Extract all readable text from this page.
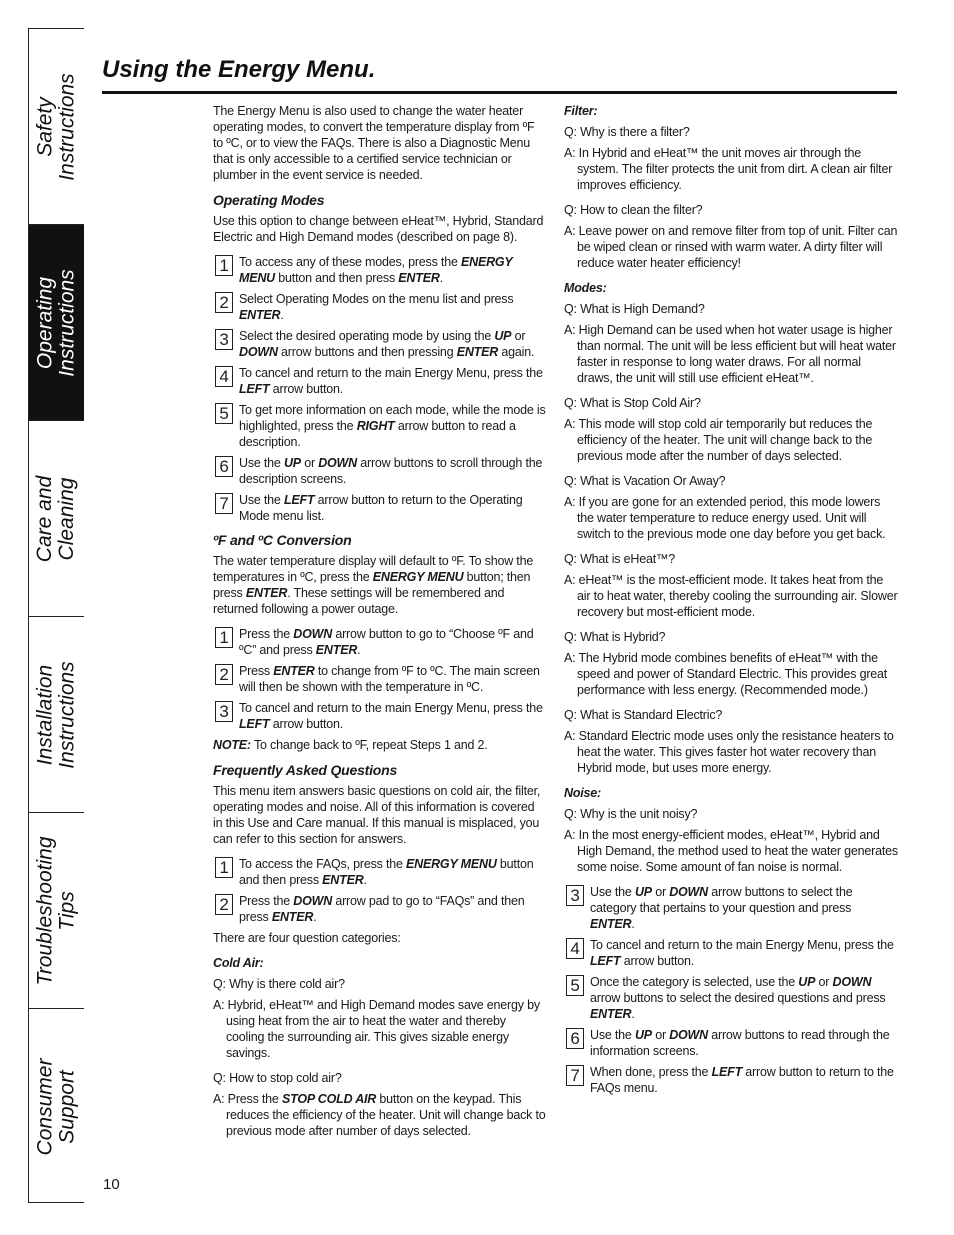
Safety
Instructions
Operating
Instructions
Care and
Cleaning
Installation
Instructions
Troubleshooting
Tips
Consumer
Support
Using the Energy Menu.

The Energy Menu is also used to change the water heater operating modes, to convert the temperature display from ºF to ºC, or to view the FAQs. There is also a Diagnostic Menu that is only accessible to a certified service technician or plumber in the event service is needed.

Operating Modes

Use this option to change between eHeat™, Hybrid, Standard Electric and High Demand modes (described on page 8).

1 To access any of these modes, press the ENERGY MENU button and then press ENTER.
2 Select Operating Modes on the menu list and press ENTER.
3 Select the desired operating mode by using the UP or DOWN arrow buttons and then pressing ENTER again.
4 To cancel and return to the main Energy Menu, press the LEFT arrow button.
5 To get more information on each mode, while the mode is highlighted, press the RIGHT arrow button to read a description.
6 Use the UP or DOWN arrow buttons to scroll through the description screens.
7 Use the LEFT arrow button to return to the Operating Mode menu list.
ºF and ºC Conversion

The water temperature display will default to ºF. To show the temperatures in ºC, press the ENERGY MENU button; then press ENTER. These settings will be remembered and returned following a power outage.

1 Press the DOWN arrow button to go to “Choose ºF and ºC” and press ENTER.
2 Press ENTER to change from ºF to ºC. The main screen will then be shown with the temperature in ºC.
3 To cancel and return to the main Energy Menu, press the LEFT arrow button.

NOTE: To change back to ºF, repeat Steps 1 and 2.

Frequently Asked Questions

This menu item answers basic questions on cold air, the filter, operating modes and noise. All of this information is covered in this Use and Care manual. If this manual is misplaced, you can refer to this section for answers.

1 To access the FAQs, press the ENERGY MENU button and then press ENTER.
2 Press the DOWN arrow pad to go to “FAQs” and then press ENTER.

There are four question categories:

Cold Air:

Q: Why is there cold air?

A: Hybrid, eHeat™ and High Demand modes save energy by using heat from the air to heat the water and thereby cooling the surrounding air. This gives sizable energy savings.

Q: How to stop cold air?

A: Press the STOP COLD AIR button on the keypad. This reduces the efficiency of the heater. Unit will change back to previous mode after number of days selected.

Filter:

Q: Why is there a filter?

A: In Hybrid and eHeat™ the unit moves air through the system. The filter protects the unit from dirt. A clean air filter improves efficiency.

Q: How to clean the filter?

A: Leave power on and remove filter from top of unit. Filter can be wiped clean or rinsed with warm water. A dirty filter will reduce water heater efficiency!

Modes:

Q: What is High Demand?

A: High Demand can be used when hot water usage is higher than normal. The unit will be less efficient but will heat water faster in response to long water draws. For all normal draws, the unit will still use efficient eHeat™.

Q: What is Stop Cold Air?

A: This mode will stop cold air temporarily but reduces the efficiency of the heater. The unit will change back to the previous mode after the number of days selected.

Q: What is Vacation Or Away?

A: If you are gone for an extended period, this mode lowers the water temperature to reduce energy used. Unit will switch to the previous mode one day before you get back.

Q: What is eHeat™?

A: eHeat™ is the most-efficient mode. It takes heat from the air to heat water, thereby cooling the surrounding air. Slower recovery but most-efficient mode.

Q: What is Hybrid?

A: The Hybrid mode combines benefits of eHeat™ with the speed and power of Standard Electric. This provides great performance with less energy. (Recommended mode.)

Q: What is Standard Electric?

A: Standard Electric mode uses only the resistance heaters to heat the water. This gives faster hot water recovery than Hybrid mode, but uses more energy.

Noise:

Q: Why is the unit noisy?

A: In the most energy-efficient modes, eHeat™, Hybrid and High Demand, the method used to heat the water generates some noise. Some amount of fan noise is normal.

3 Use the UP or DOWN arrow buttons to select the category that pertains to your question and press ENTER.
4 To cancel and return to the main Energy Menu, press the LEFT arrow button.
5 Once the category is selected, use the UP or DOWN arrow buttons to select the desired questions and press ENTER.
6 Use the UP or DOWN arrow buttons to read through the information screens.
7 When done, press the LEFT arrow button to return to the FAQs menu.
10
